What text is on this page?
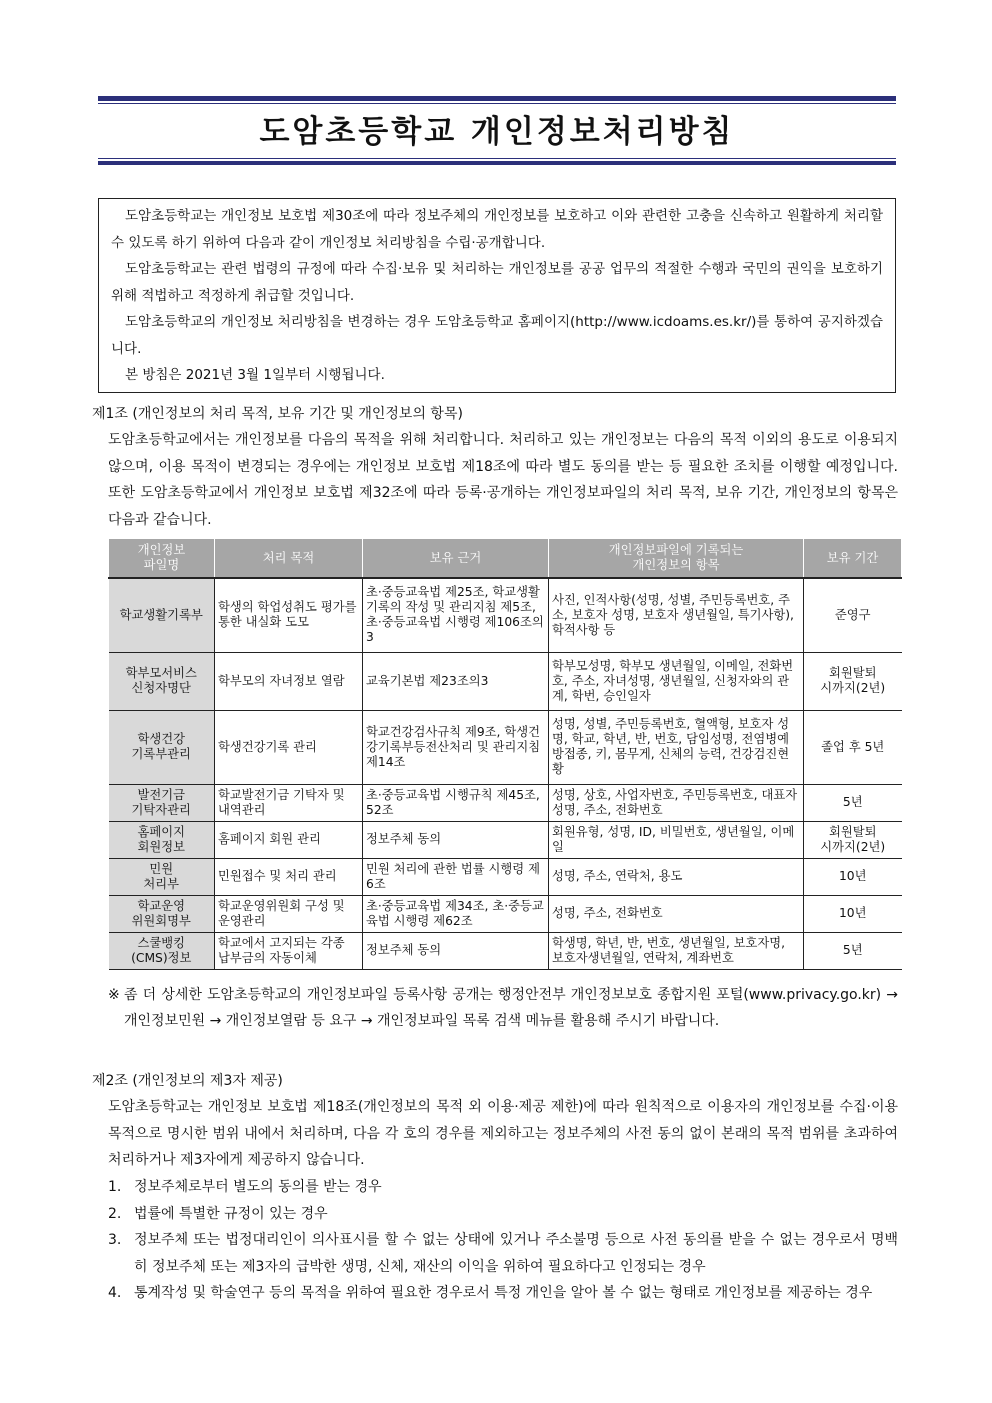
도암초등학교 개인정보처리방침

도암초등학교는 개인정보 보호법 제30조에 따라 정보주체의 개인정보를 보호하고 이와 관련한 고충을 신속하고 원활하게 처리할 수 있도록 하기 위하여 다음과 같이 개인정보 처리방침을 수립·공개합니다.

도암초등학교는 관련 법령의 규정에 따라 수집·보유 및 처리하는 개인정보를 공공 업무의 적절한 수행과 국민의 권익을 보호하기 위해 적법하고 적정하게 취급할 것입니다.

도암초등학교의 개인정보 처리방침을 변경하는 경우 도암초등학교 홈페이지(http://www.icdoams.es.kr/)를 통하여 공지하겠습니다.

본 방침은 2021년 3월 1일부터 시행됩니다.

제1조 (개인정보의 처리 목적, 보유 기간 및 개인정보의 항목)

도암초등학교에서는 개인정보를 다음의 목적을 위해 처리합니다. 처리하고 있는 개인정보는 다음의 목적 이외의 용도로 이용되지 않으며, 이용 목적이 변경되는 경우에는 개인정보 보호법 제18조에 따라 별도 동의를 받는 등 필요한 조치를 이행할 예정입니다. 또한 도암초등학교에서 개인정보 보호법 제32조에 따라 등록·공개하는 개인정보파일의 처리 목적, 보유 기간, 개인정보의 항목은 다음과 같습니다.

개인정보
파일명	처리 목적	보유 근거	개인정보파일에 기록되는
개인정보의 항목	보유 기간
학교생활기록부	학생의 학업성취도 평가를 통한 내실화 도모	초·중등교육법 제25조, 학교생활기록의 작성 및 관리지침 제5조, 초·중등교육법 시행령 제106조의3	사진, 인적사항(성명, 성별, 주민등록번호, 주소, 보호자 성명, 보호자 생년월일, 특기사항), 학적사항 등	준영구
학부모서비스
신청자명단	학부모의 자녀정보 열람	교육기본법 제23조의3	학부모성명, 학부모 생년월일, 이메일, 전화번호, 주소, 자녀성명, 생년월일, 신청자와의 관계, 학번, 승인일자	회원탈퇴
시까지(2년)
학생건강
기록부관리	학생건강기록 관리	학교건강검사규칙 제9조, 학생건강기록부등전산처리 및 관리지침 제14조	성명, 성별, 주민등록번호, 혈액형, 보호자 성명, 학교, 학년, 반, 번호, 담임성명, 전염병예방접종, 키, 몸무게, 신체의 능력, 건강검진현황	졸업 후 5년
발전기금
기탁자관리	학교발전기금 기탁자 및 내역관리	초·중등교육법 시행규칙 제45조, 52조	성명, 상호, 사업자번호, 주민등록번호, 대표자성명, 주소, 전화번호	5년
홈페이지
회원정보	홈페이지 회원 관리	정보주체 동의	회원유형, 성명, ID, 비밀번호, 생년월일, 이메일	회원탈퇴
시까지(2년)
민원
처리부	민원접수 및 처리 관리	민원 처리에 관한 법률 시행령 제6조	성명, 주소, 연락처, 용도	10년
학교운영
위원회명부	학교운영위원회 구성 및 운영관리	초·중등교육법 제34조, 초·중등교육법 시행령 제62조	성명, 주소, 전화번호	10년
스쿨뱅킹
(CMS)정보	학교에서 고지되는 각종 납부금의 자동이체	정보주체 동의	학생명, 학년, 반, 번호, 생년월일, 보호자명, 보호자생년월일, 연락처, 계좌번호	5년
※ 좀 더 상세한 도암초등학교의 개인정보파일 등록사항 공개는 행정안전부 개인정보보호 종합지원 포털(www.privacy.go.kr) → 개인정보민원 → 개인정보열람 등 요구 → 개인정보파일 목록 검색 메뉴를 활용해 주시기 바랍니다.
제2조 (개인정보의 제3자 제공)

도암초등학교는 개인정보 보호법 제18조(개인정보의 목적 외 이용·제공 제한)에 따라 원칙적으로 이용자의 개인정보를 수집·이용 목적으로 명시한 범위 내에서 처리하며, 다음 각 호의 경우를 제외하고는 정보주체의 사전 동의 없이 본래의 목적 범위를 초과하여 처리하거나 제3자에게 제공하지 않습니다.

1. 정보주체로부터 별도의 동의를 받는 경우
2. 법률에 특별한 규정이 있는 경우
3. 정보주체 또는 법정대리인이 의사표시를 할 수 없는 상태에 있거나 주소불명 등으로 사전 동의를 받을 수 없는 경우로서 명백히 정보주체 또는 제3자의 급박한 생명, 신체, 재산의 이익을 위하여 필요하다고 인정되는 경우
4. 통계작성 및 학술연구 등의 목적을 위하여 필요한 경우로서 특정 개인을 알아 볼 수 없는 형태로 개인정보를 제공하는 경우
